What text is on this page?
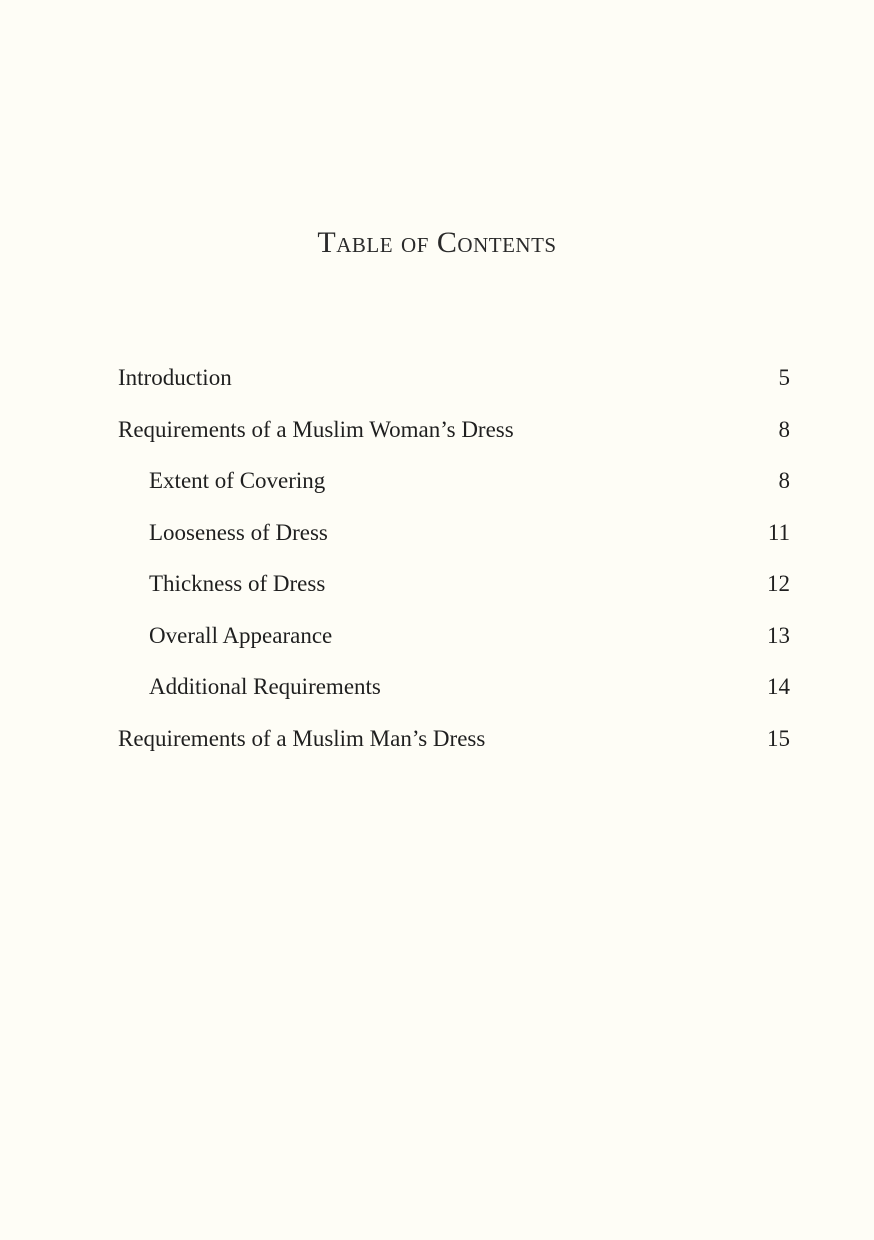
Table of Contents
Introduction	5
Requirements of a Muslim Woman’s Dress	8
Extent of Covering	8
Looseness of Dress	11
Thickness of Dress	12
Overall Appearance	13
Additional Requirements	14
Requirements of a Muslim Man’s Dress	15
